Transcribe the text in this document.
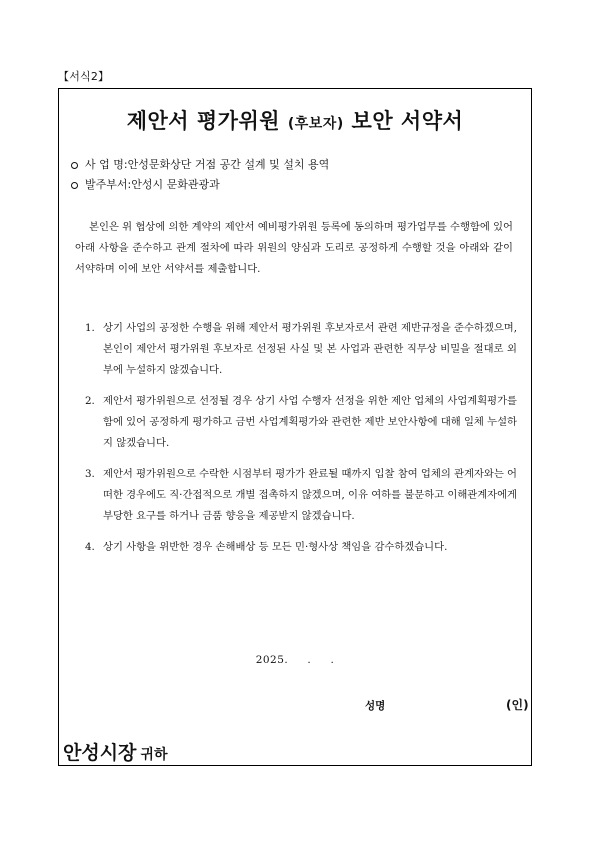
【서식2】
제안서 평가위원 (후보자) 보안 서약서
사 업 명: 안성문화상단 거점 공간 설계 및 설치 용역
발주부서: 안성시 문화관광과
본인은 위 협상에 의한 계약의 제안서 예비평가위원 등록에 동의하며 평가업무를 수행함에 있어 아래 사항을 준수하고 관계 절차에 따라 위원의 양심과 도리로 공정하게 수행할 것을 아래와 같이 서약하며 이에 보안 서약서를 제출합니다.
1. 상기 사업의 공정한 수행을 위해 제안서 평가위원 후보자로서 관련 제반규정을 준수하겠으며, 본인이 제안서 평가위원 후보자로 선정된 사실 및 본 사업과 관련한 직무상 비밀을 절대로 외부에 누설하지 않겠습니다.
2. 제안서 평가위원으로 선정될 경우 상기 사업 수행자 선정을 위한 제안 업체의 사업계획평가를 함에 있어 공정하게 평가하고 금번 사업계획평가와 관련한 제반 보안사항에 대해 일체 누설하지 않겠습니다.
3. 제안서 평가위원으로 수락한 시점부터 평가가 완료될 때까지 입찰 참여 업체의 관계자와는 어떠한 경우에도 직·간접적으로 개별 접촉하지 않겠으며, 이유 여하를 불문하고 이해관계자에게 부당한 요구를 하거나 금품 향응을 제공받지 않겠습니다.
4. 상기 사항을 위반한 경우 손해배상 등 모든 민·형사상 책임을 감수하겠습니다.
2025.     .     .
성명	(인)
안성시장 귀하
